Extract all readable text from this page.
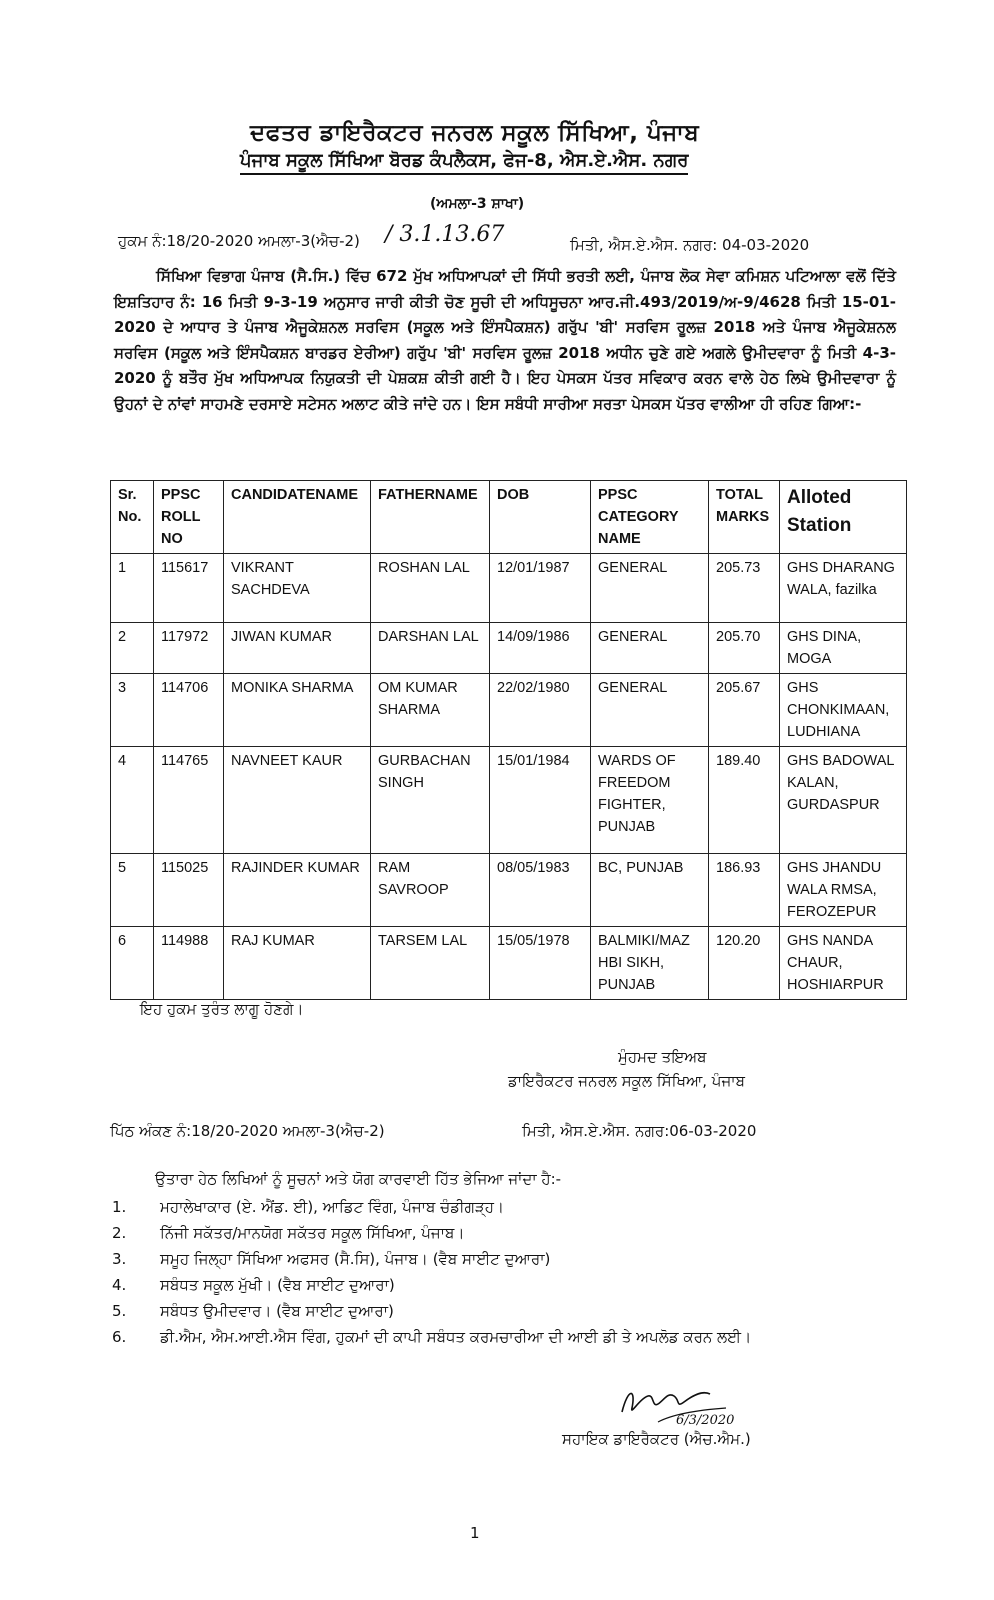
ਦਫਤਰ ਡਾਇਰੈਕਟਰ ਜਨਰਲ ਸਕੂਲ ਸਿੱਖਿਆ, ਪੰਜਾਬ
ਪੰਜਾਬ ਸਕੂਲ ਸਿੱਖਿਆ ਬੋਰਡ ਕੰਪਲੈਕਸ, ਫੇਜ-8, ਐਸ.ਏ.ਐਸ. ਨਗਰ
(ਅਮਲਾ-3 ਸ਼ਾਖਾ)
ਹੁਕਮ ਨੰ:18/20-2020 ਅਮਲਾ-3(ਐਚ-2) / 3.1.13.67	ਮਿਤੀ, ਐਸ.ਏ.ਐਸ. ਨਗਰ: 04-03-2020
ਸਿੱਖਿਆ ਵਿਭਾਗ ਪੰਜਾਬ (ਸੈ.ਸਿ.) ਵਿੱਚ 672 ਮੁੱਖ ਅਧਿਆਪਕਾਂ ਦੀ ਸਿੱਧੀ ਭਰਤੀ ਲਈ, ਪੰਜਾਬ ਲੋਕ ਸੇਵਾ ਕਮਿਸ਼ਨ ਪਟਿਆਲਾ ਵਲੋਂ ਦਿੱਤੇ ਇਸ਼ਤਿਹਾਰ ਨੰ: 16 ਮਿਤੀ 9-3-19 ਅਨੁਸਾਰ ਜਾਰੀ ਕੀਤੀ ਚੋਣ ਸੂਚੀ ਦੀ ਅਧਿਸੂਚਨਾ ਆਰ.ਜੀ.493/2019/ਅ-9/4628 ਮਿਤੀ 15-01-2020 ਦੇ ਆਧਾਰ ਤੇ ਪੰਜਾਬ ਐਜੂਕੇਸ਼ਨਲ ਸਰਵਿਸ (ਸਕੂਲ ਅਤੇ ਇੰਸਪੈਕਸ਼ਨ) ਗਰੁੱਪ 'ਬੀ' ਸਰਵਿਸ ਰੂਲਜ਼ 2018 ਅਤੇ ਪੰਜਾਬ ਐਜੂਕੇਸ਼ਨਲ ਸਰਵਿਸ (ਸਕੂਲ ਅਤੇ ਇੰਸਪੈਕਸ਼ਨ ਬਾਰਡਰ ਏਰੀਆ) ਗਰੁੱਪ 'ਬੀ' ਸਰਵਿਸ ਰੂਲਜ਼ 2018 ਅਧੀਨ ਚੁਣੇ ਗਏ ਅਗਲੇ ਉਮੀਦਵਾਰਾ ਨੂੰ ਮਿਤੀ 4-3-2020 ਨੂੰ ਬਤੌਰ ਮੁੱਖ ਅਧਿਆਪਕ ਨਿਯੁਕਤੀ ਦੀ ਪੇਸ਼ਕਸ਼ ਕੀਤੀ ਗਈ ਹੈ। ਇਹ ਪੇਸਕਸ ਪੱਤਰ ਸਵਿਕਾਰ ਕਰਨ ਵਾਲੇ ਹੇਠ ਲਿਖੇ ਉਮੀਦਵਾਰਾ ਨੂੰ ਉਹਨਾਂ ਦੇ ਨਾਂਵਾਂ ਸਾਹਮਣੇ ਦਰਸਾਏ ਸਟੇਸਨ ਅਲਾਟ ਕੀਤੇ ਜਾਂਦੇ ਹਨ। ਇਸ ਸਬੰਧੀ ਸਾਰੀਆ ਸਰਤਾ ਪੇਸਕਸ ਪੱਤਰ ਵਾਲੀਆ ਹੀ ਰਹਿਣ ਗਿਆ:-
Sr. No.	PPSC ROLL NO	CANDIDATENAME	FATHERNAME	DOB	PPSC CATEGORY NAME	TOTAL MARKS	Alloted Station
1	115617	VIKRANT SACHDEVA	ROSHAN LAL	12/01/1987	GENERAL	205.73	GHS DHARANG WALA, fazilka
2	117972	JIWAN KUMAR	DARSHAN LAL	14/09/1986	GENERAL	205.70	GHS DINA, MOGA
3	114706	MONIKA SHARMA	OM KUMAR SHARMA	22/02/1980	GENERAL	205.67	GHS CHONKIMAAN, LUDHIANA
4	114765	NAVNEET KAUR	GURBACHAN SINGH	15/01/1984	WARDS OF FREEDOM FIGHTER, PUNJAB	189.40	GHS BADOWAL KALAN, GURDASPUR
5	115025	RAJINDER KUMAR	RAM SAVROOP	08/05/1983	BC, PUNJAB	186.93	GHS JHANDU WALA RMSA, FEROZEPUR
6	114988	RAJ KUMAR	TARSEM LAL	15/05/1978	BALMIKI/MAZ HBI SIKH, PUNJAB	120.20	GHS NANDA CHAUR, HOSHIARPUR
ਇਹ ਹੁਕਮ ਤੁਰੰਤ ਲਾਗੂ ਹੋਣਗੇ।
ਮੁੰਹਮਦ ਤਇਅਬ
ਡਾਇਰੈਕਟਰ ਜਨਰਲ ਸਕੂਲ ਸਿੱਖਿਆ, ਪੰਜਾਬ
ਪਿੱਠ ਅੰਕਣ ਨੰ:18/20-2020 ਅਮਲਾ-3(ਐਚ-2)	ਮਿਤੀ, ਐਸ.ਏ.ਐਸ. ਨਗਰ:06-03-2020
ਉਤਾਰਾ ਹੇਠ ਲਿਖਿਆਂ ਨੂੰ ਸੂਚਨਾਂ ਅਤੇ ਯੋਗ ਕਾਰਵਾਈ ਹਿੱਤ ਭੇਜਿਆ ਜਾਂਦਾ ਹੈ:-
1. ਮਹਾਲੇਖਾਕਾਰ (ਏ. ਐਂਡ. ਈ), ਆਡਿਟ ਵਿੰਗ, ਪੰਜਾਬ ਚੰਡੀਗੜ੍ਹ।
2. ਨਿੱਜੀ ਸਕੱਤਰ/ਮਾਨਯੋਗ ਸਕੱਤਰ ਸਕੂਲ ਸਿੱਖਿਆ, ਪੰਜਾਬ।
3. ਸਮੂਹ ਜਿਲ੍ਹਾ ਸਿੱਖਿਆ ਅਫਸਰ (ਸੈ.ਸਿ), ਪੰਜਾਬ। (ਵੈਬ ਸਾਈਟ ਦੁਆਰਾ)
4. ਸਬੰਧਤ ਸਕੂਲ ਮੁੱਖੀ। (ਵੈਬ ਸਾਈਟ ਦੁਆਰਾ)
5. ਸਬੰਧਤ ਉਮੀਦਵਾਰ। (ਵੈਬ ਸਾਈਟ ਦੁਆਰਾ)
6. ਡੀ.ਐਮ, ਐਮ.ਆਈ.ਐਸ ਵਿੰਗ, ਹੁਕਮਾਂ ਦੀ ਕਾਪੀ ਸਬੰਧਤ ਕਰਮਚਾਰੀਆ ਦੀ ਆਈ ਡੀ ਤੇ ਅਪਲੋਡ ਕਰਨ ਲਈ।
6/3/2020
ਸਹਾਇਕ ਡਾਇਰੈਕਟਰ (ਐਚ.ਐਮ.)
1
